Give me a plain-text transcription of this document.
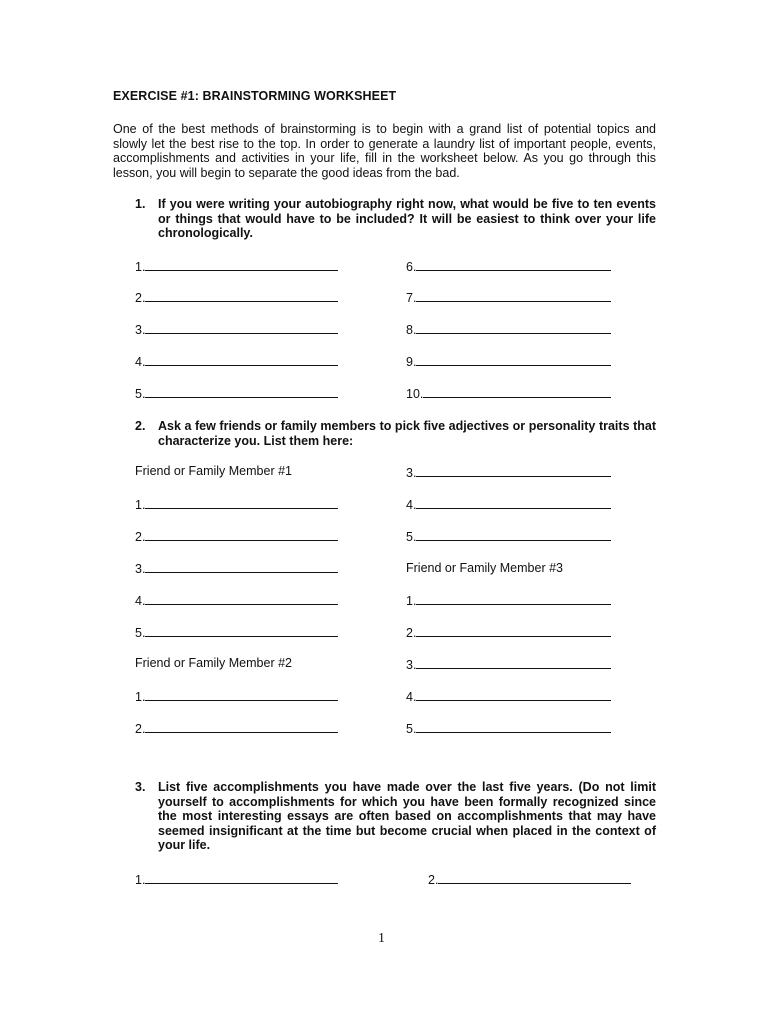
EXERCISE #1: BRAINSTORMING WORKSHEET
One of the best methods of brainstorming is to begin with a grand list of potential topics and slowly let the best rise to the top. In order to generate a laundry list of important people, events, accomplishments and activities in your life, fill in the worksheet below. As you go through this lesson, you will begin to separate the good ideas from the bad.
1. If you were writing your autobiography right now, what would be five to ten events or things that would have to be included? It will be easiest to think over your life chronologically.
1.
2.
3.
4.
5.
6.
7.
8.
9.
10.
2. Ask a few friends or family members to pick five adjectives or personality traits that characterize you. List them here:
Friend or Family Member #1
1.
2.
3.
4.
5.
Friend or Family Member #2
1.
2.
3.
4.
5.
Friend or Family Member #3
1.
2.
3.
4.
5.
3. List five accomplishments you have made over the last five years. (Do not limit yourself to accomplishments for which you have been formally recognized since the most interesting essays are often based on accomplishments that may have seemed insignificant at the time but become crucial when placed in the context of your life.
1.	2.
1
